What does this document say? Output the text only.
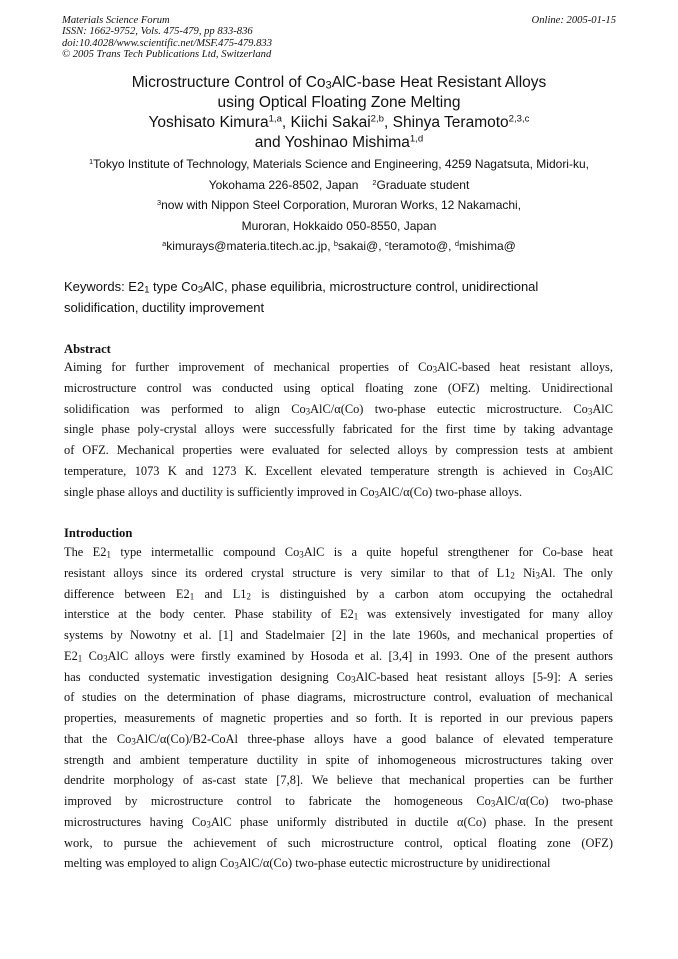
Materials Science Forum
ISSN: 1662-9752, Vols. 475-479, pp 833-836
doi:10.4028/www.scientific.net/MSF.475-479.833
© 2005 Trans Tech Publications Ltd, Switzerland
Online: 2005-01-15
Microstructure Control of Co3AlC-base Heat Resistant Alloys
using Optical Floating Zone Melting
Yoshisato Kimura$^{1,a}$, Kiichi Sakai$^{2,b}$, Shinya Teramoto$^{2,3,c}$
and Yoshinao Mishima$^{1,d}$
$^1$Tokyo Institute of Technology, Materials Science and Engineering, 4259 Nagatsuta, Midori-ku,
Yokohama 226-8502, Japan $^2$Graduate student
$^3$now with Nippon Steel Corporation, Muroran Works, 12 Nakamachi,
Muroran, Hokkaido 050-8550, Japan
$^a$kimurays@materia.titech.ac.jp, $^b$sakai@, $^c$teramoto@, $^d$mishima@
Keywords: E21 type Co3AlC, phase equilibria, microstructure control, unidirectional
solidification, ductility improvement
Abstract
Aiming for further improvement of mechanical properties of Co3AlC-based heat resistant alloys,
microstructure control was conducted using optical floating zone (OFZ) melting. Unidirectional
solidification was performed to align Co3AlC/α(Co) two-phase eutectic microstructure. Co3AlC
single phase poly-crystal alloys were successfully fabricated for the first time by taking advantage
of OFZ. Mechanical properties were evaluated for selected alloys by compression tests at ambient
temperature, 1073 K and 1273 K. Excellent elevated temperature strength is achieved in Co3AlC
single phase alloys and ductility is sufficiently improved in Co3AlC/α(Co) two-phase alloys.
Introduction
The E21 type intermetallic compound Co3AlC is a quite hopeful strengthener for Co-base heat
resistant alloys since its ordered crystal structure is very similar to that of L12 Ni3Al. The only
difference between E21 and L12 is distinguished by a carbon atom occupying the octahedral
interstice at the body center. Phase stability of E21 was extensively investigated for many alloy
systems by Nowotny et al. [1] and Stadelmaier [2] in the late 1960s, and mechanical properties of
E21 Co3AlC alloys were firstly examined by Hosoda et al. [3,4] in 1993. One of the present authors
has conducted systematic investigation designing Co3AlC-based heat resistant alloys [5-9]: A series
of studies on the determination of phase diagrams, microstructure control, evaluation of mechanical
properties, measurements of magnetic properties and so forth. It is reported in our previous papers
that the Co3AlC/α(Co)/B2-CoAl three-phase alloys have a good balance of elevated temperature
strength and ambient temperature ductility in spite of inhomogeneous microstructures taking over
dendrite morphology of as-cast state [7,8]. We believe that mechanical properties can be further
improved by microstructure control to fabricate the homogeneous Co3AlC/α(Co) two-phase
microstructures having Co3AlC phase uniformly distributed in ductile α(Co) phase. In the present
work, to pursue the achievement of such microstructure control, optical floating zone (OFZ)
melting was employed to align Co3AlC/α(Co) two-phase eutectic microstructure by unidirectional
